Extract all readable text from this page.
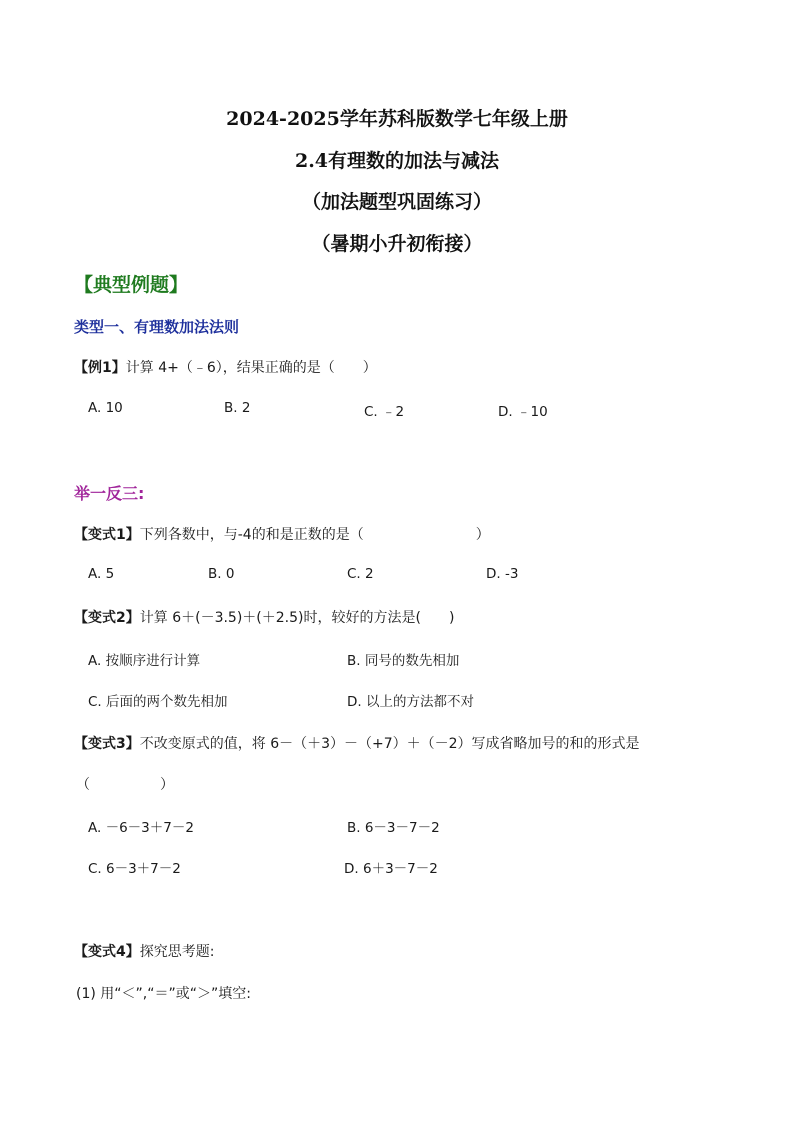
2024-2025学年苏科版数学七年级上册
2.4有理数的加法与减法
（加法题型巩固练习）
（暑期小升初衔接）
【典型例题】
类型一、有理数加法法则
【例1】计算 4+（﹣6），结果正确的是（　　）
A. 10	B. 2	C. ﹣2	D. ﹣10
举一反三:
【变式1】下列各数中，与-4的和是正数的是（　　　　　　　　）
A. 5	B. 0	C. 2	D. -3
【变式2】计算 6＋(－3.5)＋(＋2.5)时，较好的方法是(　　)
A. 按顺序进行计算	B. 同号的数先相加
C. 后面的两个数先相加	D. 以上的方法都不对
【变式3】不改变原式的值，将 6－（＋3）－（+7）＋（－2）写成省略加号的和的形式是
（　　　　　）
A. －6－3＋7－2	B. 6－3－7－2
C. 6－3＋7－2	D. 6＋3－7－2
【变式4】探究思考题:
(1) 用“＜”,“＝”或“＞”填空:
